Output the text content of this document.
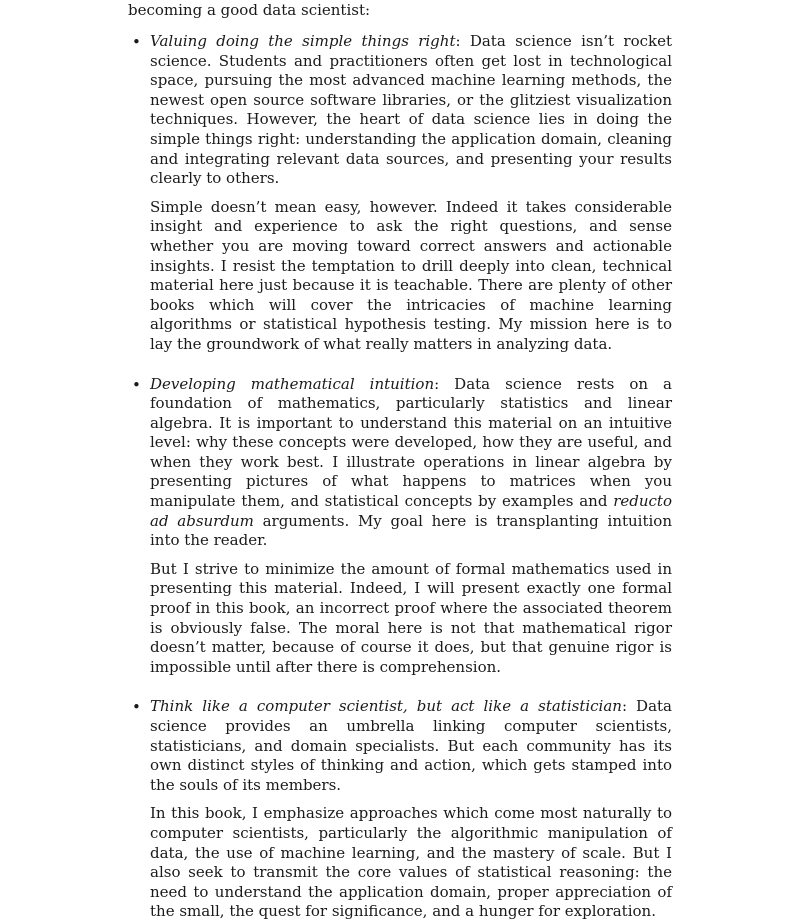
becoming a good data scientist:
• Valuing doing the simple things right: Data science isn’t rocket science. Students and practitioners often get lost in technological space, pursuing the most advanced machine learning methods, the newest open source software libraries, or the glitziest visualization techniques. However, the heart of data science lies in doing the simple things right: understanding the application domain, cleaning and integrating relevant data sources, and presenting your results clearly to others.

Simple doesn’t mean easy, however. Indeed it takes considerable insight and experience to ask the right questions, and sense whether you are moving toward correct answers and actionable insights. I resist the temptation to drill deeply into clean, technical material here just because it is teachable. There are plenty of other books which will cover the intricacies of machine learning algorithms or statistical hypothesis testing. My mission here is to lay the groundwork of what really matters in analyzing data.

• Developing mathematical intuition: Data science rests on a foundation of mathematics, particularly statistics and linear algebra. It is important to understand this material on an intuitive level: why these concepts were developed, how they are useful, and when they work best. I illustrate operations in linear algebra by presenting pictures of what happens to matrices when you manipulate them, and statistical concepts by examples and reducto ad absurdum arguments. My goal here is transplanting intuition into the reader.

But I strive to minimize the amount of formal mathematics used in presenting this material. Indeed, I will present exactly one formal proof in this book, an incorrect proof where the associated theorem is obviously false. The moral here is not that mathematical rigor doesn’t matter, because of course it does, but that genuine rigor is impossible until after there is comprehension.

• Think like a computer scientist, but act like a statistician: Data science provides an umbrella linking computer scientists, statisticians, and domain specialists. But each community has its own distinct styles of thinking and action, which gets stamped into the souls of its members.

In this book, I emphasize approaches which come most naturally to computer scientists, particularly the algorithmic manipulation of data, the use of machine learning, and the mastery of scale. But I also seek to transmit the core values of statistical reasoning: the need to understand the application domain, proper appreciation of the small, the quest for significance, and a hunger for exploration.
